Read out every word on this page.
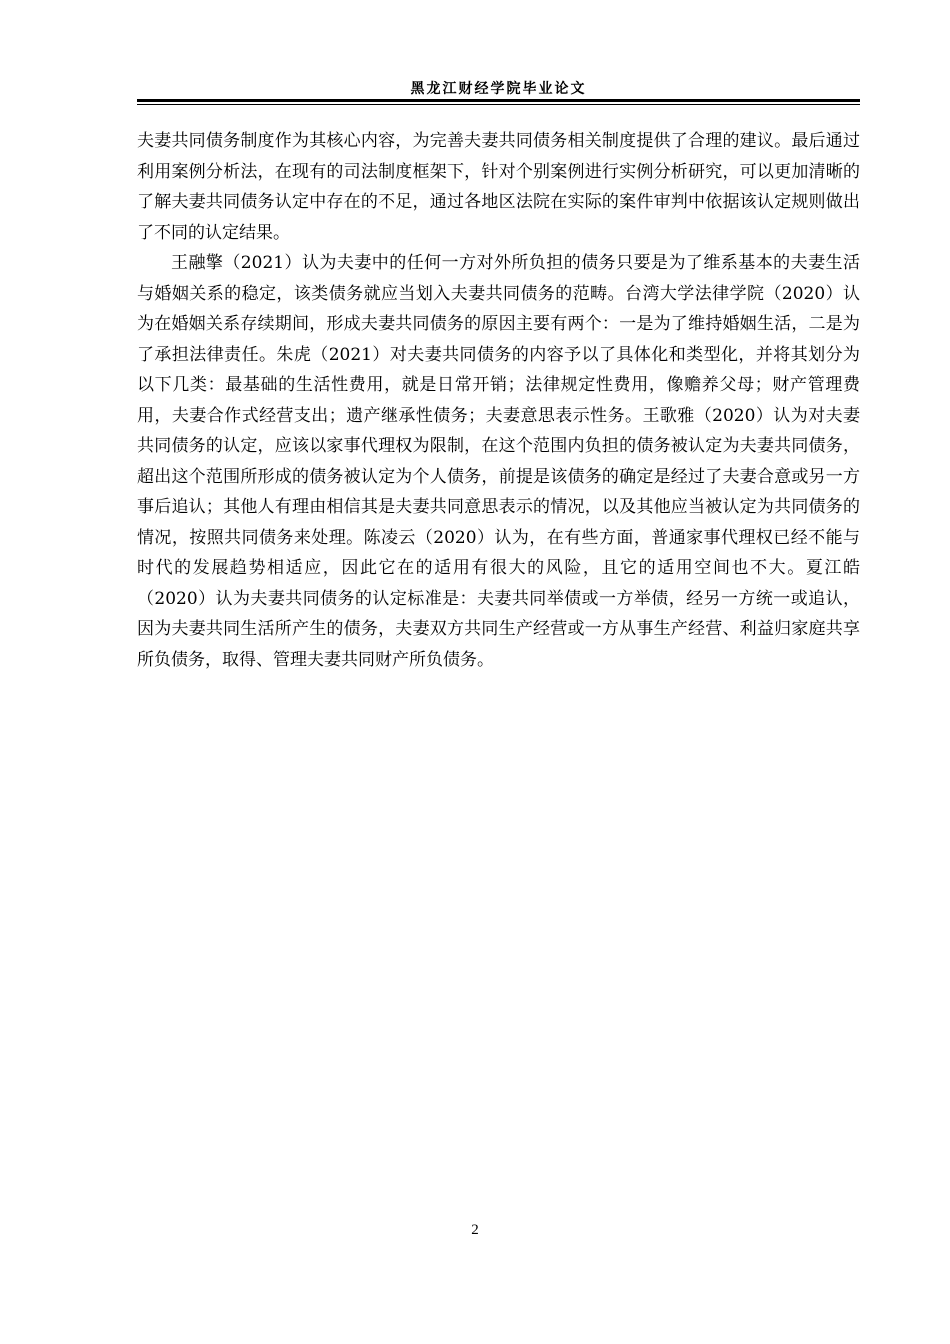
黑龙江财经学院毕业论文

夫妻共同债务制度作为其核心内容，为完善夫妻共同债务相关制度提供了合理的建议。最后通过利用案例分析法，在现有的司法制度框架下，针对个别案例进行实例分析研究，可以更加清晰的了解夫妻共同债务认定中存在的不足，通过各地区法院在实际的案件审判中依据该认定规则做出了不同的认定结果。

王融擎（2021）认为夫妻中的任何一方对外所负担的债务只要是为了维系基本的夫妻生活与婚姻关系的稳定，该类债务就应当划入夫妻共同债务的范畴。台湾大学法律学院（2020）认为在婚姻关系存续期间，形成夫妻共同债务的原因主要有两个：一是为了维持婚姻生活，二是为了承担法律责任。朱虎（2021）对夫妻共同债务的内容予以了具体化和类型化，并将其划分为以下几类：最基础的生活性费用，就是日常开销；法律规定性费用，像赡养父母；财产管理费用，夫妻合作式经营支出；遗产继承性债务；夫妻意思表示性务。王歌雅（2020）认为对夫妻共同债务的认定，应该以家事代理权为限制，在这个范围内负担的债务被认定为夫妻共同债务，超出这个范围所形成的债务被认定为个人债务，前提是该债务的确定是经过了夫妻合意或另一方事后追认；其他人有理由相信其是夫妻共同意思表示的情况，以及其他应当被认定为共同债务的情况，按照共同债务来处理。陈凌云（2020）认为，在有些方面，普通家事代理权已经不能与时代的发展趋势相适应，因此它在的适用有很大的风险，且它的适用空间也不大。夏江皓（2020）认为夫妻共同债务的认定标准是：夫妻共同举债或一方举债，经另一方统一或追认，因为夫妻共同生活所产生的债务，夫妻双方共同生产经营或一方从事生产经营、利益归家庭共享所负债务，取得、管理夫妻共同财产所负债务。

2
